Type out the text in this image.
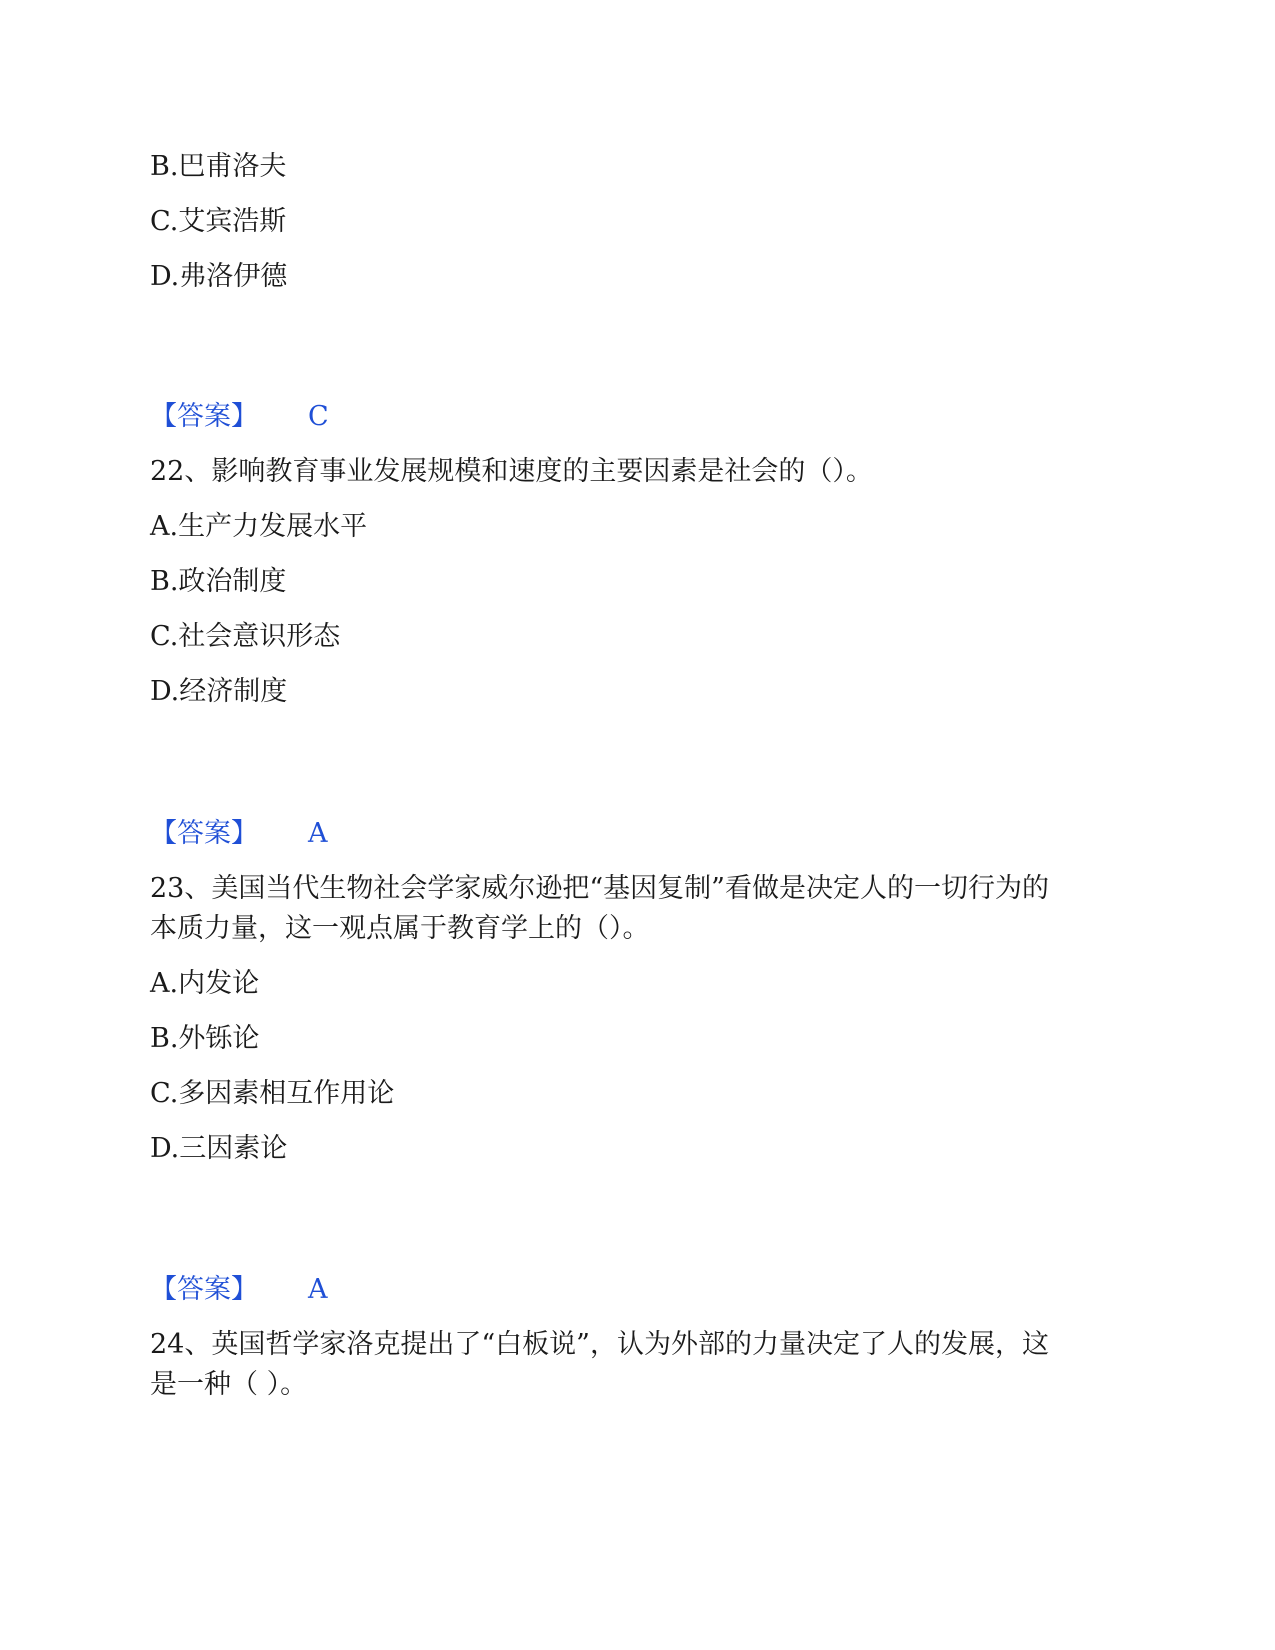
B.巴甫洛夫
C.艾宾浩斯
D.弗洛伊德
【答案】 C
22、影响教育事业发展规模和速度的主要因素是社会的（）。
A.生产力发展水平
B.政治制度
C.社会意识形态
D.经济制度
【答案】 A
23、美国当代生物社会学家威尔逊把“基因复制”看做是决定人的一切行为的
本质力量，这一观点属于教育学上的（）。
A.内发论
B.外铄论
C.多因素相互作用论
D.三因素论
【答案】 A
24、英国哲学家洛克提出了“白板说”，认为外部的力量决定了人的发展，这
是一种（ ）。
